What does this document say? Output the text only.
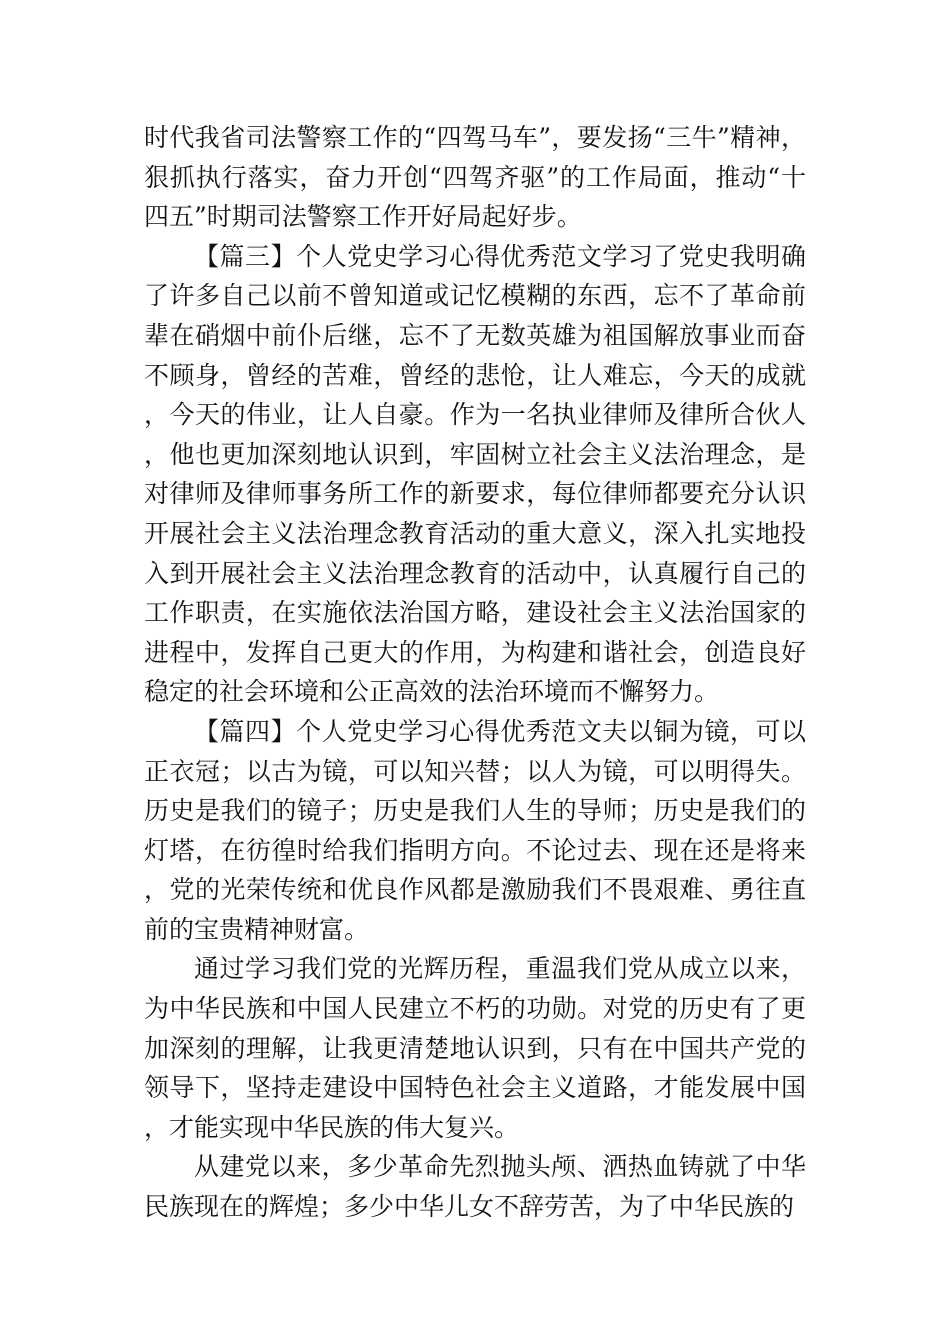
时代我省司法警察工作的“四驾马车”，要发扬“三牛”精神，狠抓执行落实，奋力开创“四驾齐驱”的工作局面，推动“十四五”时期司法警察工作开好局起好步。

【篇三】个人党史学习心得优秀范文学习了党史我明确了许多自己以前不曾知道或记忆模糊的东西，忘不了革命前辈在硝烟中前仆后继，忘不了无数英雄为祖国解放事业而奋不顾身，曾经的苦难，曾经的悲怆，让人难忘，今天的成就，今天的伟业，让人自豪。作为一名执业律师及律所合伙人，他也更加深刻地认识到，牢固树立社会主义法治理念，是对律师及律师事务所工作的新要求，每位律师都要充分认识开展社会主义法治理念教育活动的重大意义，深入扎实地投入到开展社会主义法治理念教育的活动中，认真履行自己的工作职责，在实施依法治国方略，建设社会主义法治国家的进程中，发挥自己更大的作用，为构建和谐社会，创造良好稳定的社会环境和公正高效的法治环境而不懈努力。

【篇四】个人党史学习心得优秀范文夫以铜为镜，可以正衣冠；以古为镜，可以知兴替；以人为镜，可以明得失。历史是我们的镜子；历史是我们人生的导师；历史是我们的灯塔，在彷徨时给我们指明方向。不论过去、现在还是将来，党的光荣传统和优良作风都是激励我们不畏艰难、勇往直前的宝贵精神财富。

通过学习我们党的光辉历程，重温我们党从成立以来，为中华民族和中国人民建立不朽的功勋。对党的历史有了更加深刻的理解，让我更清楚地认识到，只有在中国共产党的领导下，坚持走建设中国特色社会主义道路，才能发展中国，才能实现中华民族的伟大复兴。

从建党以来，多少革命先烈抛头颅、洒热血铸就了中华民族现在的辉煌；多少中华儿女不辞劳苦，为了中华民族的
